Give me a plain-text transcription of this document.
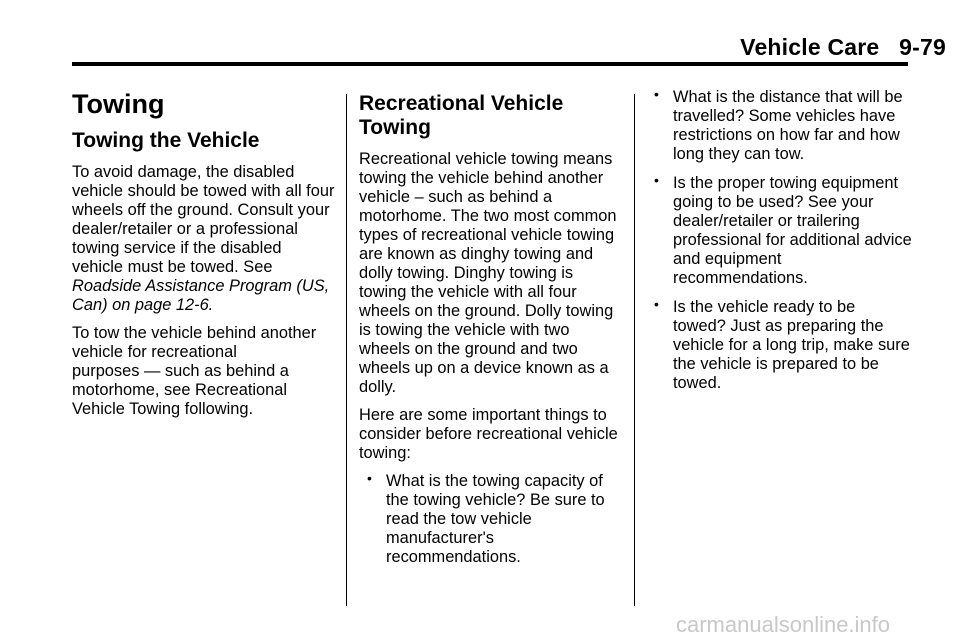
Vehicle Care   9-79
Towing
Towing the Vehicle

To avoid damage, the disabled
vehicle should be towed with all four
wheels off the ground. Consult your
dealer/retailer or a professional
towing service if the disabled
vehicle must be towed. See
Roadside Assistance Program (US,
Can) on page 12-6.

To tow the vehicle behind another
vehicle for recreational
purposes — such as behind a
motorhome, see Recreational
Vehicle Towing following.

Recreational Vehicle
Towing

Recreational vehicle towing means
towing the vehicle behind another
vehicle – such as behind a
motorhome. The two most common
types of recreational vehicle towing
are known as dinghy towing and
dolly towing. Dinghy towing is
towing the vehicle with all four
wheels on the ground. Dolly towing
is towing the vehicle with two
wheels on the ground and two
wheels up on a device known as a
dolly.

Here are some important things to
consider before recreational vehicle
towing:

• What is the towing capacity of
the towing vehicle? Be sure to
read the tow vehicle
manufacturer's
recommendations.
• What is the distance that will be
travelled? Some vehicles have
restrictions on how far and how
long they can tow.
• Is the proper towing equipment
going to be used? See your
dealer/retailer or trailering
professional for additional advice
and equipment
recommendations.
• Is the vehicle ready to be
towed? Just as preparing the
vehicle for a long trip, make sure
the vehicle is prepared to be
towed.
carmanualsonline.info
